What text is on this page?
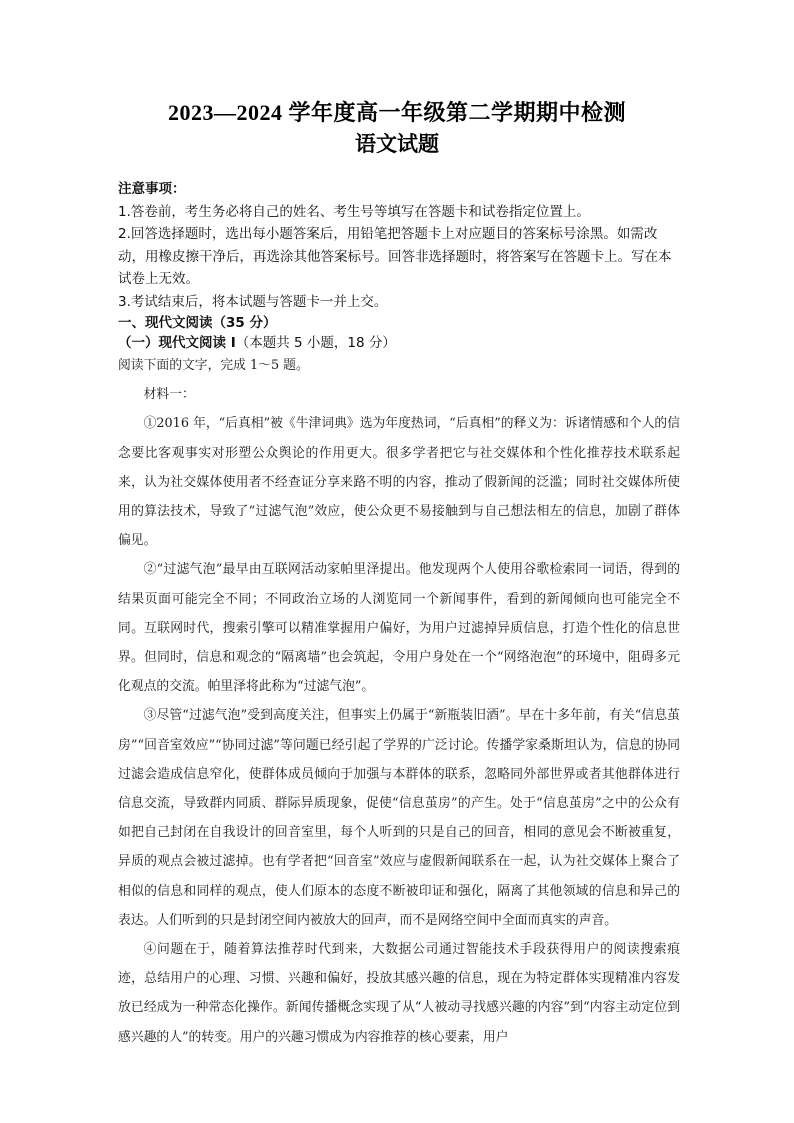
2023—2024 学年度高一年级第二学期期中检测
语文试题

注意事项：

1.答卷前，考生务必将自己的姓名、考生号等填写在答题卡和试卷指定位置上。

2.回答选择题时，选出每小题答案后，用铅笔把答题卡上对应题目的答案标号涂黑。如需改动，用橡皮擦干净后，再选涂其他答案标号。回答非选择题时，将答案写在答题卡上。写在本试卷上无效。

3.考试结束后，将本试题与答题卡一并上交。

一、现代文阅读（35 分）
（一）现代文阅读 I（本题共 5 小题，18 分）

阅读下面的文字，完成 1～5 题。

材料一：

①2016 年，“后真相”被《牛津词典》选为年度热词，“后真相”的释义为：诉诸情感和个人的信念要比客观事实对形塑公众舆论的作用更大。很多学者把它与社交媒体和个性化推荐技术联系起来，认为社交媒体使用者不经查证分享来路不明的内容，推动了假新闻的泛滥；同时社交媒体所使用的算法技术，导致了“过滤气泡”效应，使公众更不易接触到与自己想法相左的信息，加剧了群体偏见。

②“过滤气泡”最早由互联网活动家帕里泽提出。他发现两个人使用谷歌检索同一词语，得到的结果页面可能完全不同；不同政治立场的人浏览同一个新闻事件，看到的新闻倾向也可能完全不同。互联网时代，搜索引擎可以精准掌握用户偏好，为用户过滤掉异质信息，打造个性化的信息世界。但同时，信息和观念的“隔离墙”也会筑起，令用户身处在一个“网络泡泡”的环境中，阻碍多元化观点的交流。帕里泽将此称为“过滤气泡”。

③尽管“过滤气泡”受到高度关注，但事实上仍属于“新瓶装旧酒”。早在十多年前，有关“信息茧房”“回音室效应”“协同过滤”等问题已经引起了学界的广泛讨论。传播学家桑斯坦认为，信息的协同过滤会造成信息窄化，使群体成员倾向于加强与本群体的联系，忽略同外部世界或者其他群体进行信息交流，导致群内同质、群际异质现象，促使“信息茧房”的产生。处于“信息茧房”之中的公众有如把自己封闭在自我设计的回音室里，每个人听到的只是自己的回音，相同的意见会不断被重复，异质的观点会被过滤掉。也有学者把“回音室”效应与虚假新闻联系在一起，认为社交媒体上聚合了相似的信息和同样的观点，使人们原本的态度不断被印证和强化，隔离了其他领域的信息和异己的表达。人们听到的只是封闭空间内被放大的回声，而不是网络空间中全面而真实的声音。

④问题在于，随着算法推荐时代到来，大数据公司通过智能技术手段获得用户的阅读搜索痕迹，总结用户的心理、习惯、兴趣和偏好，投放其感兴趣的信息，现在为特定群体实现精准内容发放已经成为一种常态化操作。新闻传播概念实现了从“人被动寻找感兴趣的内容”到“内容主动定位到感兴趣的人”的转变。用户的兴趣习惯成为内容推荐的核心要素，用户
